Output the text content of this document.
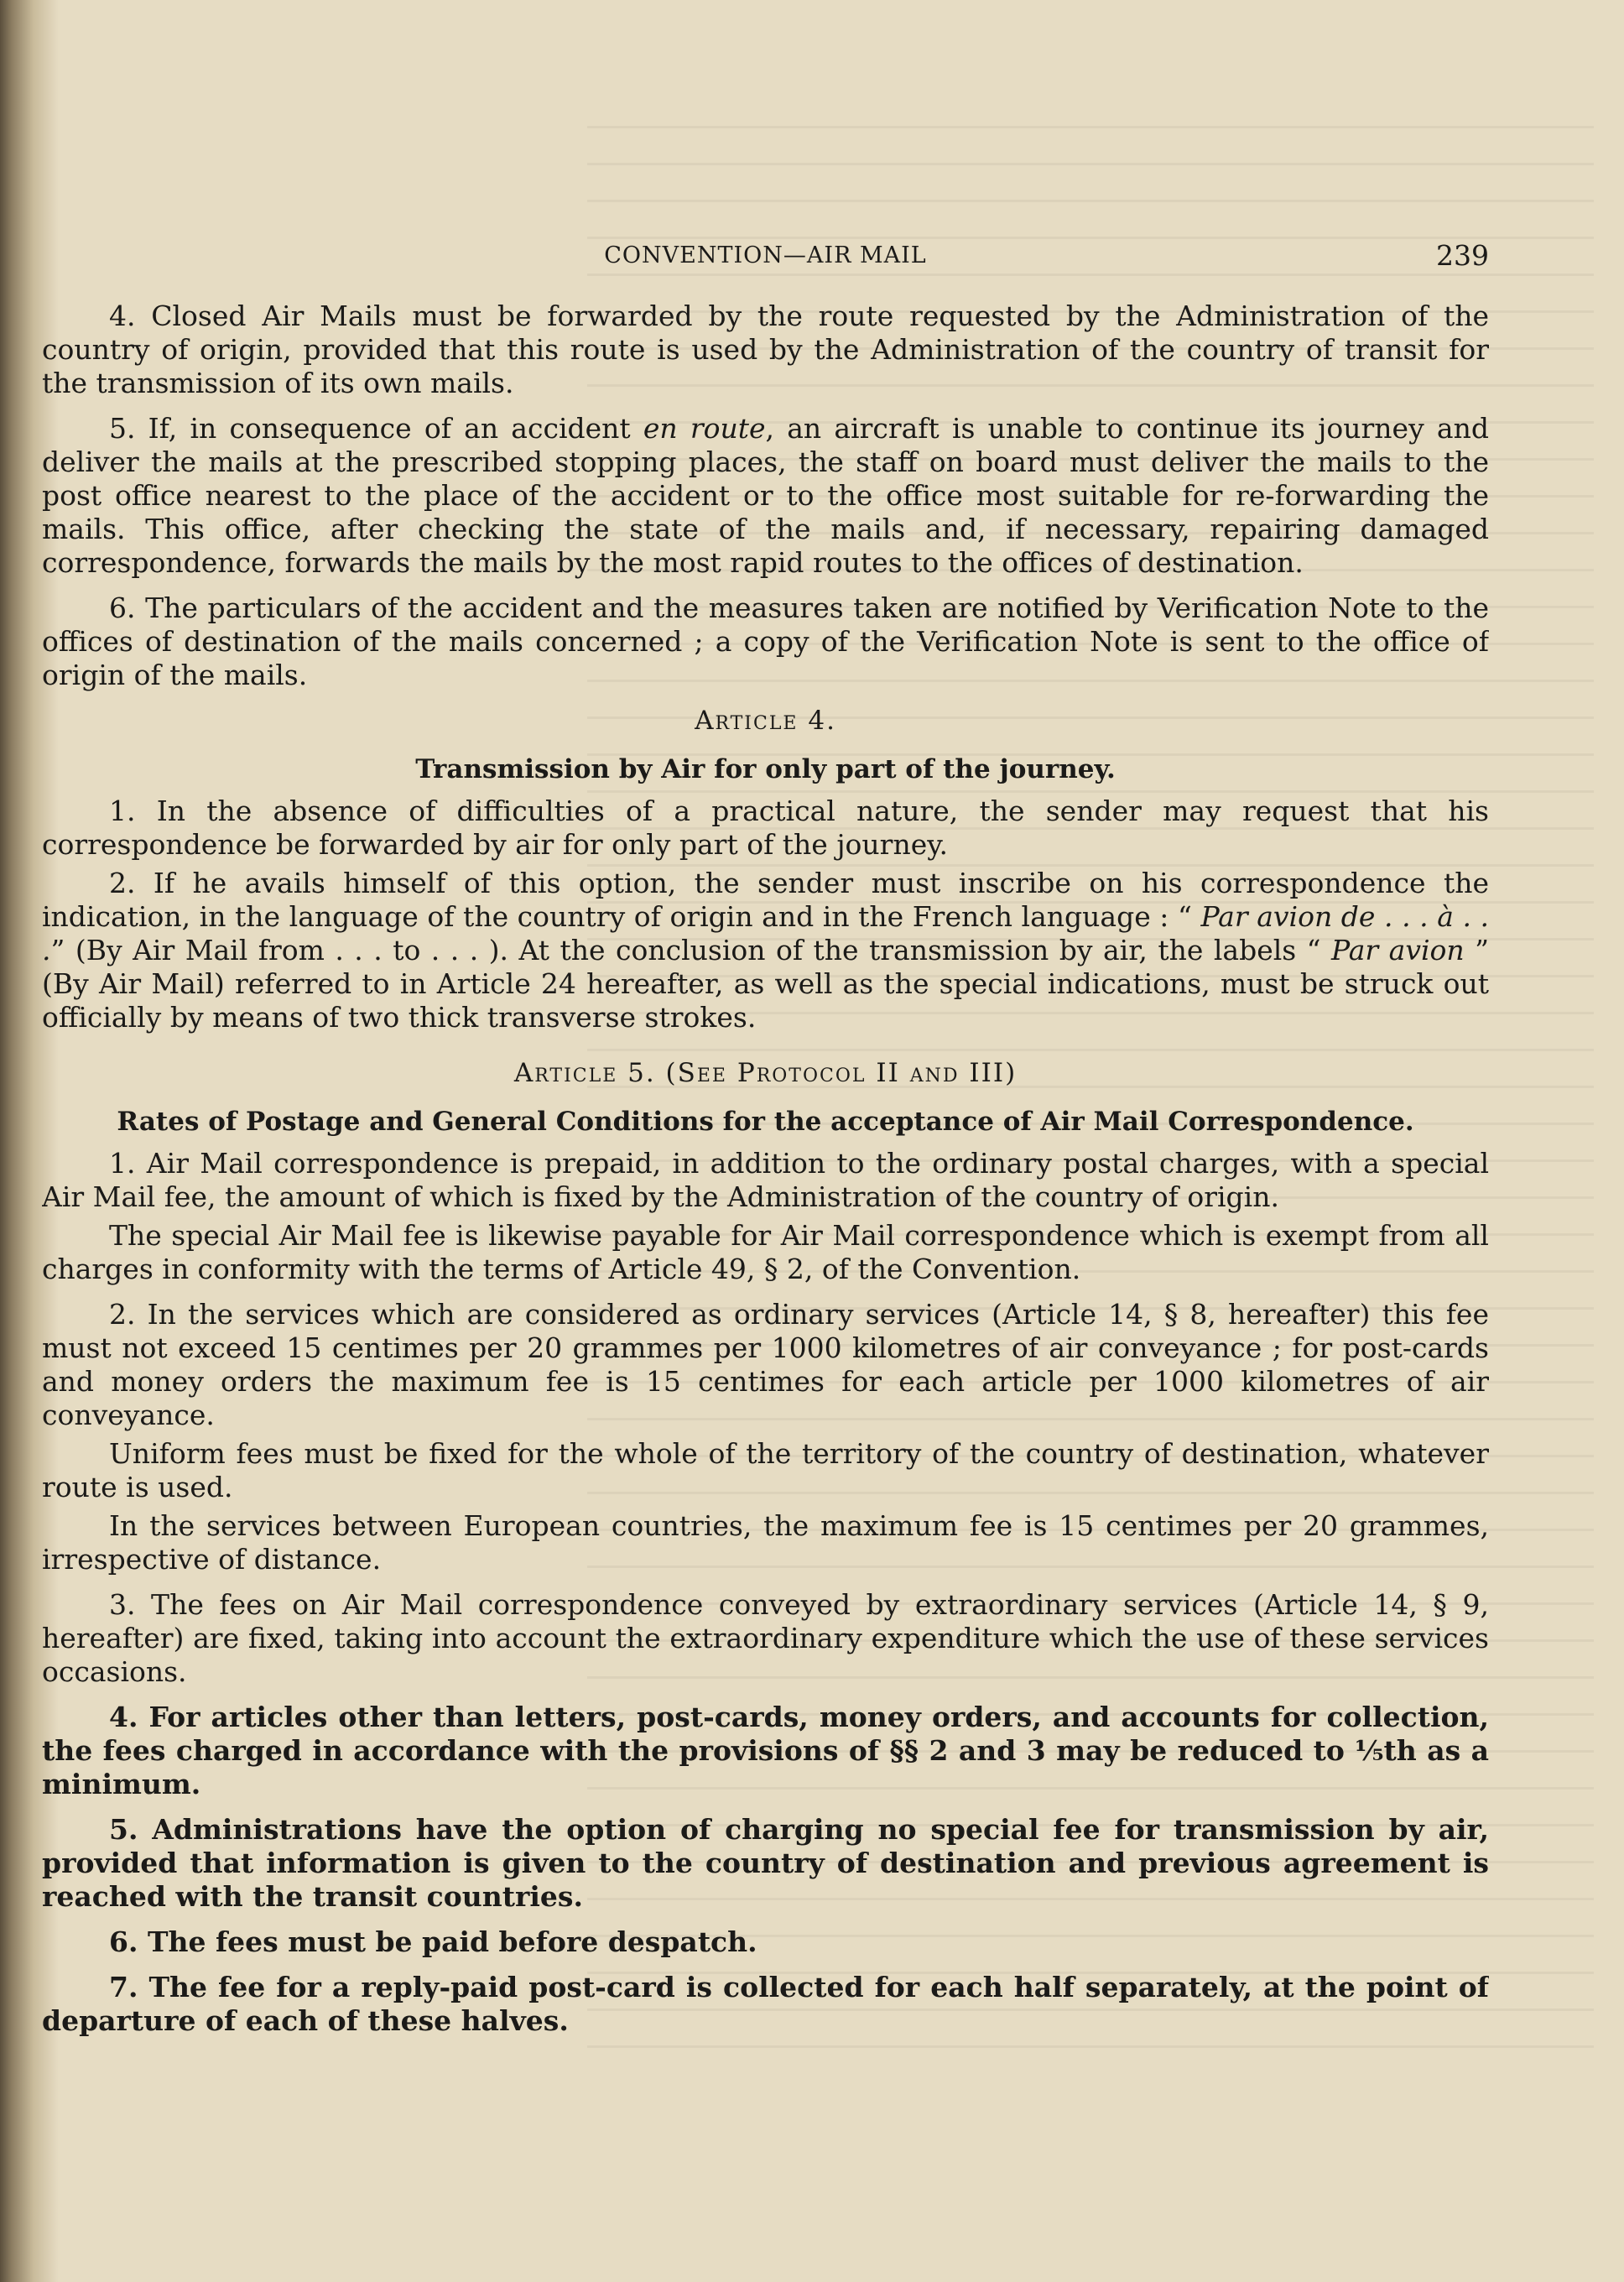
CONVENTION—AIR MAIL	239

4. Closed Air Mails must be forwarded by the route requested by the Administration of the country of origin, provided that this route is used by the Administration of the country of transit for the transmission of its own mails.

5. If, in consequence of an accident en route, an aircraft is unable to continue its journey and deliver the mails at the prescribed stopping places, the staff on board must deliver the mails to the post office nearest to the place of the accident or to the office most suitable for re-forwarding the mails. This office, after checking the state of the mails and, if necessary, repairing damaged correspondence, forwards the mails by the most rapid routes to the offices of destination.

6. The particulars of the accident and the measures taken are notified by Verification Note to the offices of destination of the mails concerned ; a copy of the Verification Note is sent to the office of origin of the mails.

Article 4.
Transmission by Air for only part of the journey.

1. In the absence of difficulties of a practical nature, the sender may request that his correspondence be forwarded by air for only part of the journey.

2. If he avails himself of this option, the sender must inscribe on his correspondence the indication, in the language of the country of origin and in the French language : “ Par avion de . . . à . . .” (By Air Mail from . . . to . . . ). At the conclusion of the transmission by air, the labels “ Par avion ” (By Air Mail) referred to in Article 24 hereafter, as well as the special indications, must be struck out officially by means of two thick transverse strokes.

Article 5. (See Protocol II and III)
Rates of Postage and General Conditions for the acceptance of Air Mail Correspondence.

1. Air Mail correspondence is prepaid, in addition to the ordinary postal charges, with a special Air Mail fee, the amount of which is fixed by the Administration of the country of origin.

The special Air Mail fee is likewise payable for Air Mail correspondence which is exempt from all charges in conformity with the terms of Article 49, § 2, of the Convention.

2. In the services which are considered as ordinary services (Article 14, § 8, hereafter) this fee must not exceed 15 centimes per 20 grammes per 1000 kilometres of air conveyance ; for post-cards and money orders the maximum fee is 15 centimes for each article per 1000 kilometres of air conveyance.

Uniform fees must be fixed for the whole of the territory of the country of destination, whatever route is used.

In the services between European countries, the maximum fee is 15 centimes per 20 grammes, irrespective of distance.

3. The fees on Air Mail correspondence conveyed by extraordinary services (Article 14, § 9, hereafter) are fixed, taking into account the extraordinary expenditure which the use of these services occasions.

4. For articles other than letters, post-cards, money orders, and accounts for collection, the fees charged in accordance with the provisions of §§ 2 and 3 may be reduced to ⅕th as a minimum.

5. Administrations have the option of charging no special fee for transmission by air, provided that information is given to the country of destination and previous agreement is reached with the transit countries.

6. The fees must be paid before despatch.

7. The fee for a reply-paid post-card is collected for each half separately, at the point of departure of each of these halves.
